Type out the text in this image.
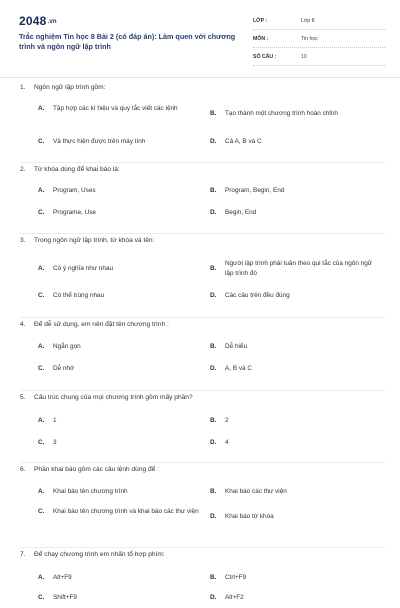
2048.vn
Trắc nghiệm Tin học 8 Bài 2 (có đáp án): Làm quen với chương trình và ngôn ngữ lập trình
LỚP :	Lớp 8
MÔN :	Tin học
SỐ CÂU :	10
1. Ngôn ngữ lập trình gồm:
A.	Tập hợp các kí hiệu và quy tắc viết các lệnh
B.	Tạo thành một chương trình hoàn chỉnh
C.	Và thực hiện được trên máy tính	D.	Cả A, B và C
2. Từ khóa dùng để khai báo là:
A.	Program, Uses	B.	Program, Begin, End
C.	Programe, Use	D.	Begin, End
3. Trong ngôn ngữ lập trình, từ khóa và tên:
A.	Có ý nghĩa như nhau	B.
Người lập trình phải tuân theo qui tắc của ngôn ngữ lập trình đó
C.	Có thể trùng nhau	D.	Các câu trên đều đúng
4. Để dễ sử dụng, em nên đặt tên chương trình :
A.	Ngắn gọn	B.	Dễ hiểu
C.	Dễ nhớ	D.	A, B và C
5. Cấu trúc chung của mọi chương trình gồm mấy phần?
A.	1	B.	2
C.	3	D.	4
6. Phần khai báo gồm các câu lệnh dùng để :
A.	Khai báo tên chương trình	B.	Khai báo các thư viện
C.	Khai báo tên chương trình và khai báo các thư viện
D.	Khai báo từ khóa
7. Để chạy chương trình em nhấn tổ hợp phím:
A.	Alt+F9	B.	Ctrl+F9
C.	Shift+F9	D.	Alt+F2
